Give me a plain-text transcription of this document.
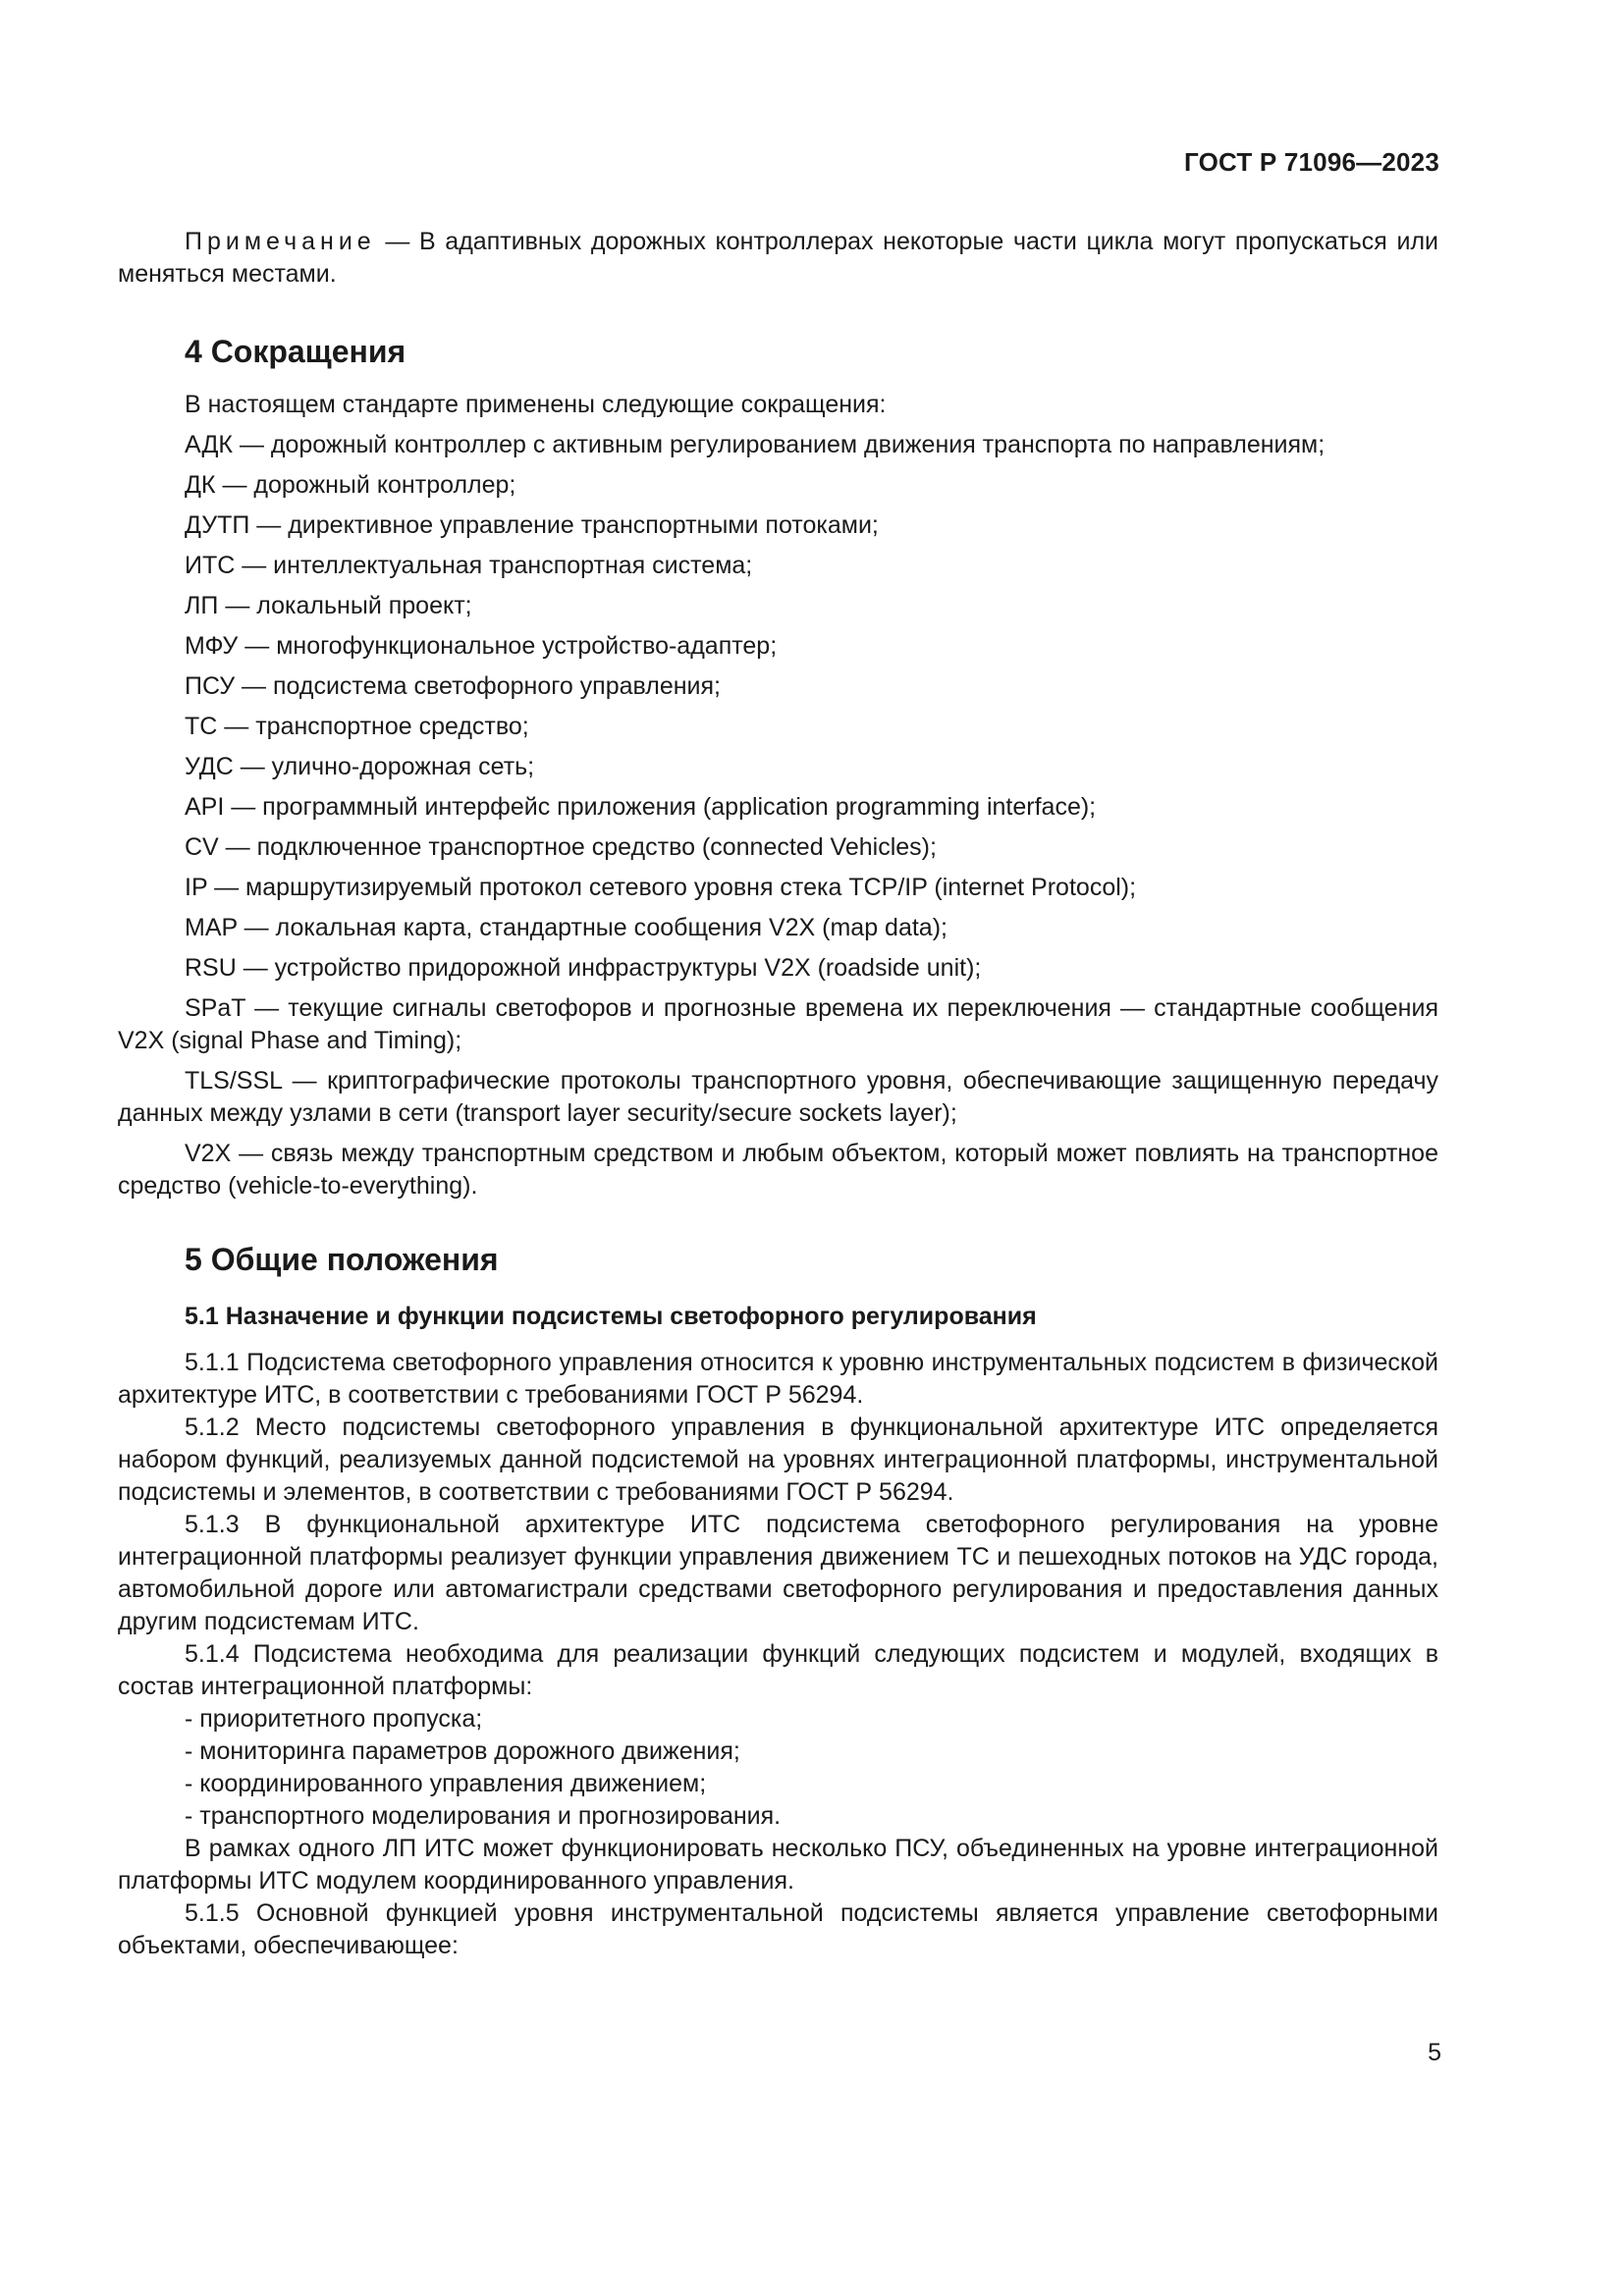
ГОСТ Р 71096—2023

Примечание — В адаптивных дорожных контроллерах некоторые части цикла могут пропускаться или меняться местами.

4 Сокращения

В настоящем стандарте применены следующие сокращения:

АДК — дорожный контроллер с активным регулированием движения транспорта по направлениям;

ДК — дорожный контроллер;

ДУТП — директивное управление транспортными потоками;

ИТС — интеллектуальная транспортная система;

ЛП — локальный проект;

МФУ — многофункциональное устройство-адаптер;

ПСУ — подсистема светофорного управления;

ТС — транспортное средство;

УДС — улично-дорожная сеть;

API — программный интерфейс приложения (application programming interface);

CV — подключенное транспортное средство (connected Vehicles);

IP — маршрутизируемый протокол сетевого уровня стека TCP/IP (internet Protocol);

MAP — локальная карта, стандартные сообщения V2X (map data);

RSU — устройство придорожной инфраструктуры V2X (roadside unit);

SPaT — текущие сигналы светофоров и прогнозные времена их переключения — стандартные сообщения V2X (signal Phase and Timing);

TLS/SSL — криптографические протоколы транспортного уровня, обеспечивающие защищенную передачу данных между узлами в сети (transport layer security/secure sockets layer);

V2X — связь между транспортным средством и любым объектом, который может повлиять на транспортное средство (vehicle-to-everything).

5 Общие положения
5.1 Назначение и функции подсистемы светофорного регулирования

5.1.1 Подсистема светофорного управления относится к уровню инструментальных подсистем в физической архитектуре ИТС, в соответствии с требованиями ГОСТ Р 56294.

5.1.2 Место подсистемы светофорного управления в функциональной архитектуре ИТС определяется набором функций, реализуемых данной подсистемой на уровнях интеграционной платформы, инструментальной подсистемы и элементов, в соответствии с требованиями ГОСТ Р 56294.

5.1.3 В функциональной архитектуре ИТС подсистема светофорного регулирования на уровне интеграционной платформы реализует функции управления движением ТС и пешеходных потоков на УДС города, автомобильной дороге или автомагистрали средствами светофорного регулирования и предоставления данных другим подсистемам ИТС.

5.1.4 Подсистема необходима для реализации функций следующих подсистем и модулей, входящих в состав интеграционной платформы:

- приоритетного пропуска;
- мониторинга параметров дорожного движения;
- координированного управления движением;
- транспортного моделирования и прогнозирования.

В рамках одного ЛП ИТС может функционировать несколько ПСУ, объединенных на уровне интеграционной платформы ИТС модулем координированного управления.

5.1.5 Основной функцией уровня инструментальной подсистемы является управление светофорными объектами, обеспечивающее:

5
